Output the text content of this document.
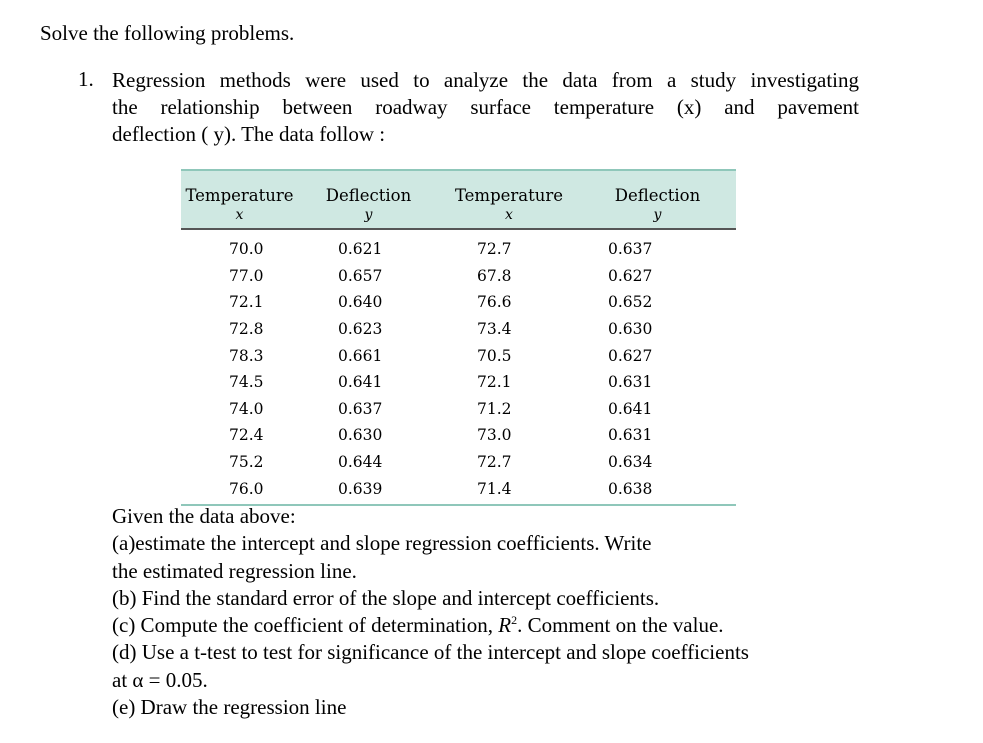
Solve the following problems.
1. Regression methods were used to analyze the data from a study investigating
the relationship between roadway surface temperature (x) and pavement
deflection ( y). The data follow :
Temperature	Deflection	Temperature	Deflection
x	y	x	y
70.0	0.621	72.7	0.637
77.0	0.657	67.8	0.627
72.1	0.640	76.6	0.652
72.8	0.623	73.4	0.630
78.3	0.661	70.5	0.627
74.5	0.641	72.1	0.631
74.0	0.637	71.2	0.641
72.4	0.630	73.0	0.631
75.2	0.644	72.7	0.634
76.0	0.639	71.4	0.638
Given the data above:
(a)estimate the intercept and slope regression coefficients. Write
the estimated regression line.
(b) Find the standard error of the slope and intercept coefficients.
(c) Compute the coefficient of determination, $R^2$. Comment on the value.
(d) Use a t-test to test for significance of the intercept and slope coefficients
at α = 0.05.
(e) Draw the regression line
